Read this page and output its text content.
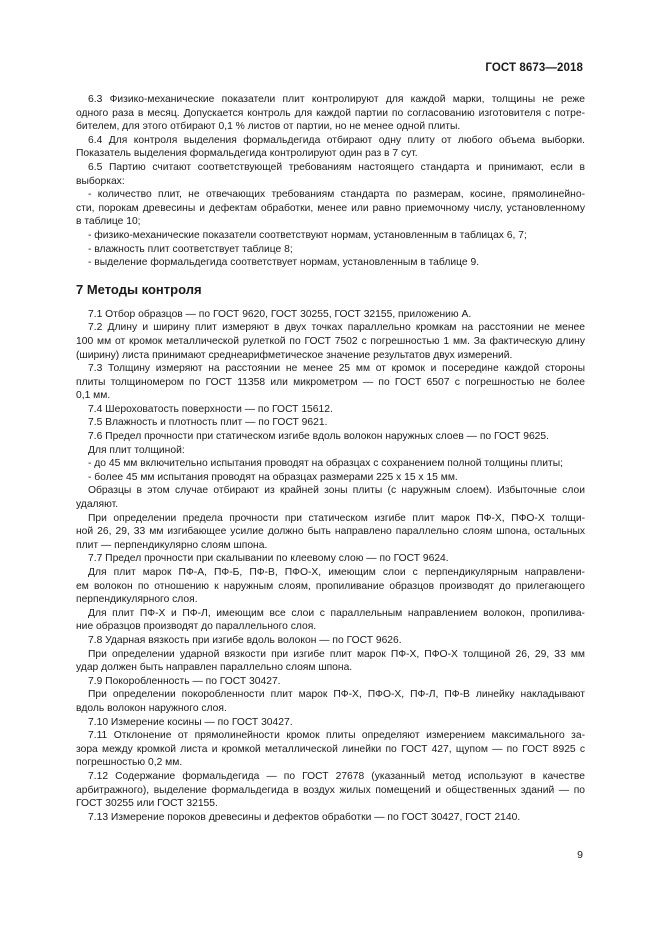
ГОСТ 8673—2018
6.3 Физико-механические показатели плит контролируют для каждой марки, толщины не реже
одного раза в месяц. Допускается контроль для каждой партии по согласованию изготовителя с потре-
бителем, для этого отбирают 0,1 % листов от партии, но не менее одной плиты.
6.4 Для контроля выделения формальдегида отбирают одну плиту от любого объема выборки.
Показатель выделения формальдегида контролируют один раз в 7 сут.
6.5 Партию считают соответствующей требованиям настоящего стандарта и принимают, если в
выборках:
- количество плит, не отвечающих требованиям стандарта по размерам, косине, прямолинейно-
сти, порокам древесины и дефектам обработки, менее или равно приемочному числу, установленному
в таблице 10;
- физико-механические показатели соответствуют нормам, установленным в таблицах 6, 7;
- влажность плит соответствует таблице 8;
- выделение формальдегида соответствует нормам, установленным в таблице 9.
7 Методы контроля
7.1 Отбор образцов — по ГОСТ 9620, ГОСТ 30255, ГОСТ 32155, приложению А.
7.2 Длину и ширину плит измеряют в двух точках параллельно кромкам на расстоянии не менее
100 мм от кромок металлической рулеткой по ГОСТ 7502 с погрешностью 1 мм. За фактическую длину
(ширину) листа принимают среднеарифметическое значение результатов двух измерений.
7.3 Толщину измеряют на расстоянии не менее 25 мм от кромок и посередине каждой стороны
плиты толщиномером по ГОСТ 11358 или микрометром — по ГОСТ 6507 с погрешностью не более
0,1 мм.
7.4 Шероховатость поверхности — по ГОСТ 15612.
7.5 Влажность и плотность плит — по ГОСТ 9621.
7.6 Предел прочности при статическом изгибе вдоль волокон наружных слоев — по ГОСТ 9625.
Для плит толщиной:
- до 45 мм включительно испытания проводят на образцах с сохранением полной толщины плиты;
- более 45 мм испытания проводят на образцах размерами 225 х 15 х 15 мм.
Образцы в этом случае отбирают из крайней зоны плиты (с наружным слоем). Избыточные слои
удаляют.
При определении предела прочности при статическом изгибе плит марок ПФ-Х, ПФО-Х толщи-
ной 26, 29, 33 мм изгибающее усилие должно быть направлено параллельно слоям шпона, остальных
плит — перпендикулярно слоям шпона.
7.7 Предел прочности при скалывании по клеевому слою — по ГОСТ 9624.
Для плит марок ПФ-А, ПФ-Б, ПФ-В, ПФО-Х, имеющим слои с перпендикулярным направлени-
ем волокон по отношению к наружным слоям, пропиливание образцов производят до прилегающего
перпендикулярного слоя.
Для плит ПФ-Х и ПФ-Л, имеющим все слои с параллельным направлением волокон, пропилива-
ние образцов производят до параллельного слоя.
7.8 Ударная вязкость при изгибе вдоль волокон — по ГОСТ 9626.
При определении ударной вязкости при изгибе плит марок ПФ-Х, ПФО-Х толщиной 26, 29, 33 мм
удар должен быть направлен параллельно слоям шпона.
7.9 Покоробленность — по ГОСТ 30427.
При определении покоробленности плит марок ПФ-Х, ПФО-Х, ПФ-Л, ПФ-В линейку накладывают
вдоль волокон наружного слоя.
7.10 Измерение косины — по ГОСТ 30427.
7.11 Отклонение от прямолинейности кромок плиты определяют измерением максимального за-
зора между кромкой листа и кромкой металлической линейки по ГОСТ 427, щупом — по ГОСТ 8925 с
погрешностью 0,2 мм.
7.12 Содержание формальдегида — по ГОСТ 27678 (указанный метод используют в качестве
арбитражного), выделение формальдегида в воздух жилых помещений и общественных зданий — по
ГОСТ 30255 или ГОСТ 32155.
7.13 Измерение пороков древесины и дефектов обработки — по ГОСТ 30427, ГОСТ 2140.
9
